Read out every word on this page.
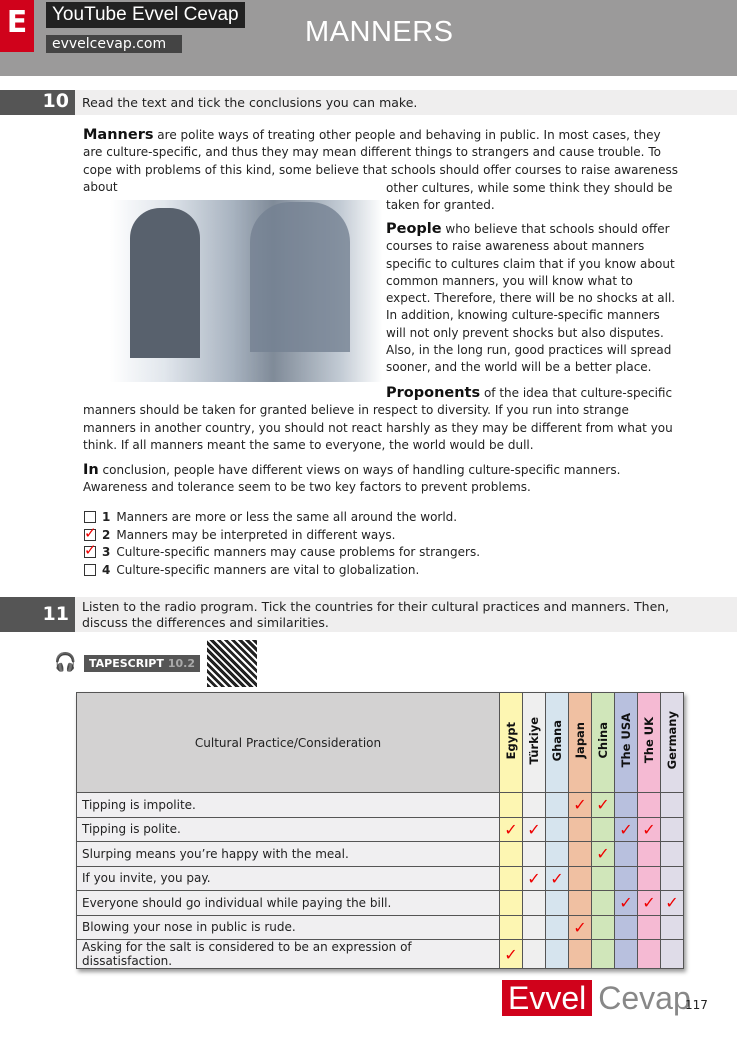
MANNERS
E	YouTube Evvel Cevap
evvelcevap.com
10	Read the text and tick the conclusions you can make.
Manners are polite ways of treating other people and behaving in public. In most cases, they are culture-specific, and thus they may mean different things to strangers and cause trouble. To cope with problems of this kind, some believe that schools should offer courses to raise awareness about	other cultures, while some think they should be taken for granted.
People who believe that schools should offer courses to raise awareness about manners specific to cultures claim that if you know about common manners, you will know what to expect. Therefore, there will be no shocks at all. In addition, knowing culture-specific manners will not only prevent shocks but also disputes. Also, in the long run, good practices will spread sooner, and the world will be a better place.
Proponents of the idea that culture-specific manners should be taken for granted believe in respect to diversity. If you run into strange manners in another country, you should not react harshly as they may be different from what you think. If all manners meant the same to everyone, the world would be dull.
In conclusion, people have different views on ways of handling culture-specific manners. Awareness and tolerance seem to be two key factors to prevent problems.
1 Manners are more or less the same all around the world.
✓ 2 Manners may be interpreted in different ways.
✓ 3 Culture-specific manners may cause problems for strangers.
4 Culture-specific manners are vital to globalization.
11	Listen to the radio program. Tick the countries for their cultural practices and manners. Then, discuss the differences and similarities.
🎧	TAPESCRIPT 10.2
Cultural Practice/Consideration	Egypt	Türkiye	Ghana	Japan	China	The USA	The UK	Germany
Tipping is impolite.				✓	✓			
Tipping is polite.	✓	✓				✓	✓	
Slurping means you’re happy with the meal.					✓			
If you invite, you pay.		✓	✓					
Everyone should go individual while paying the bill.						✓	✓	✓
Blowing your nose in public is rude.				✓				
Asking for the salt is considered to be an expression of dissatisfaction.	✓							
Evvel Cevap
117
